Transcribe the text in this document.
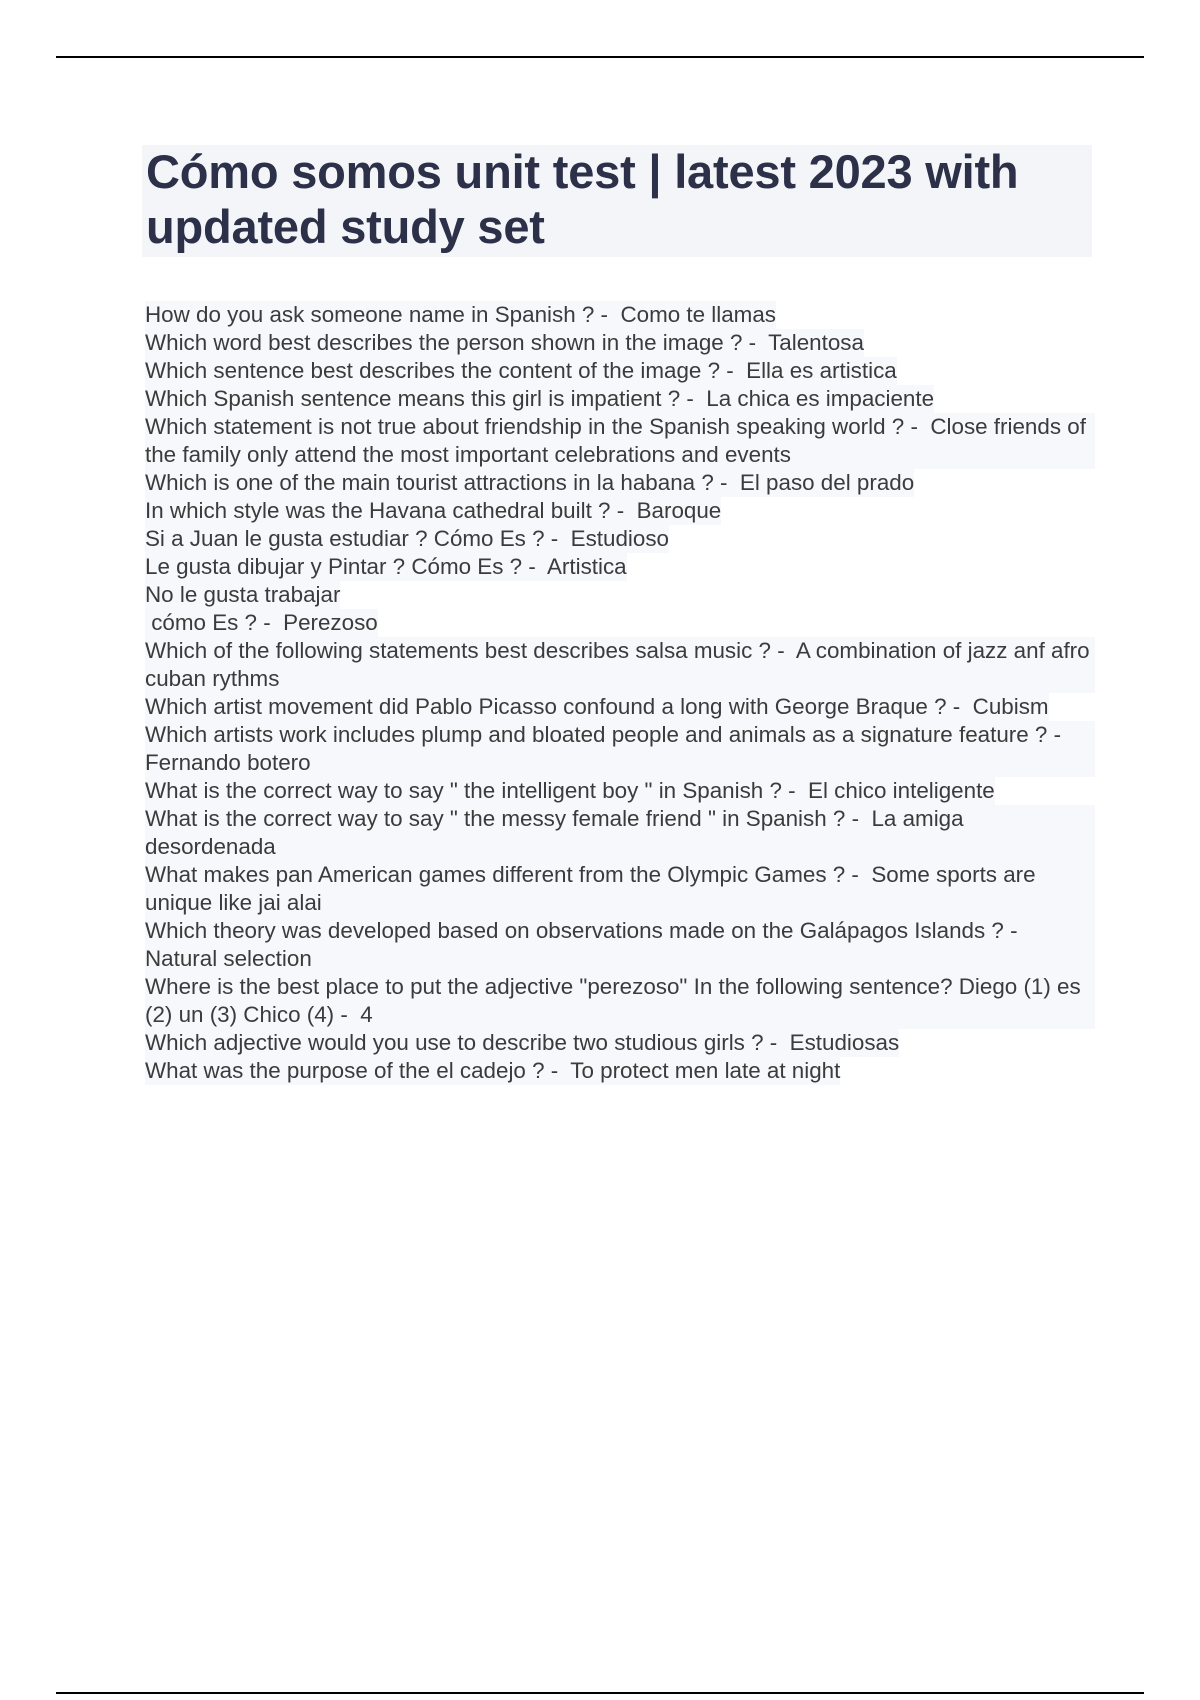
Cómo somos unit test | latest 2023 with updated study set
How do you ask someone name in Spanish ? -  Como te llamas
Which word best describes the person shown in the image ? -  Talentosa
Which sentence best describes the content of the image ? -  Ella es artistica
Which Spanish sentence means this girl is impatient ? -  La chica es impaciente
Which statement is not true about friendship in the Spanish speaking world ? -  Close friends of the family only attend the most important celebrations and events
Which is one of the main tourist attractions in la habana ? -  El paso del prado
In which style was the Havana cathedral built ? -  Baroque
Si a Juan le gusta estudiar ? Cómo Es ? -  Estudioso
Le gusta dibujar y Pintar ? Cómo Es ? -  Artistica
No le gusta trabajar
cómo Es ? -  Perezoso
Which of the following statements best describes salsa music ? -  A combination of jazz anf afro cuban rythms
Which artist movement did Pablo Picasso confound a long with George Braque ? -  Cubism
Which artists work includes plump and bloated people and animals as a signature feature ? -  Fernando botero
What is the correct way to say " the intelligent boy " in Spanish ? -  El chico inteligente
What is the correct way to say " the messy female friend " in Spanish ? -  La amiga desordenada
What makes pan American games different from the Olympic Games ? -  Some sports are unique like jai alai
Which theory was developed based on observations made on the Galápagos Islands ? -  Natural selection
Where is the best place to put the adjective "perezoso" In the following sentence? Diego (1) es (2) un (3) Chico (4) -  4
Which adjective would you use to describe two studious girls ? -  Estudiosas
What was the purpose of the el cadejo ? -  To protect men late at night
